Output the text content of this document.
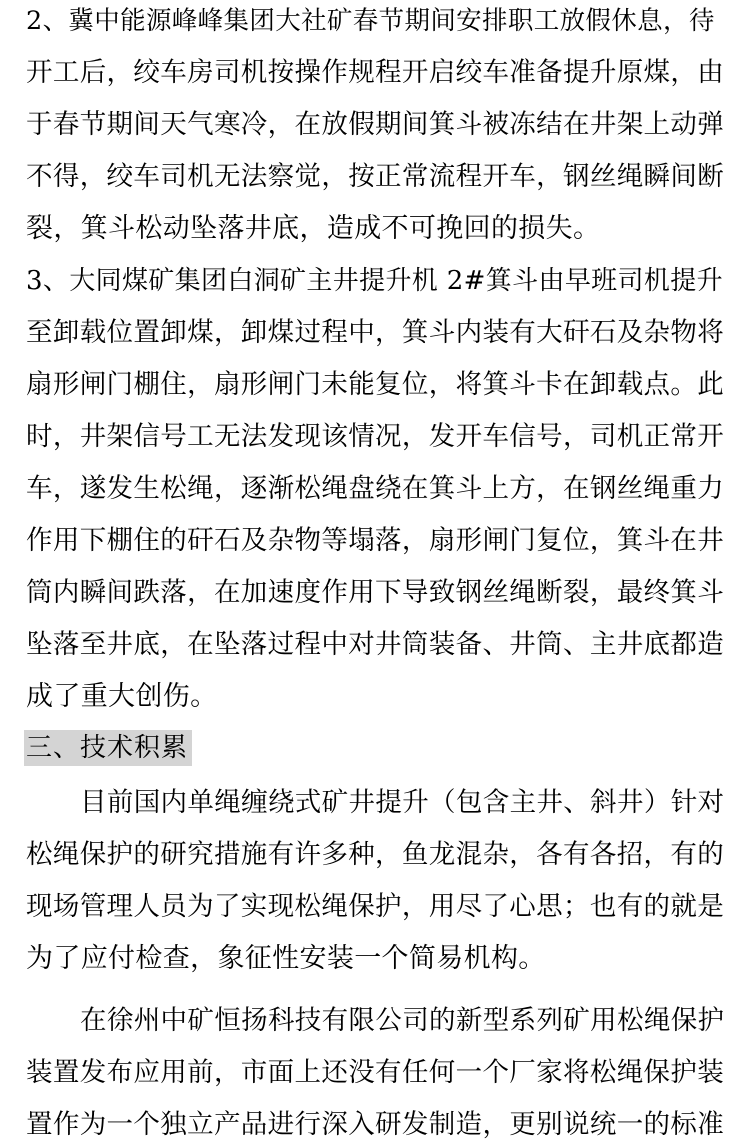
2、冀中能源峰峰集团大社矿春节期间安排职工放假休息，待
开工后，绞车房司机按操作规程开启绞车准备提升原煤，由
于春节期间天气寒冷，在放假期间箕斗被冻结在井架上动弹
不得，绞车司机无法察觉，按正常流程开车，钢丝绳瞬间断
裂，箕斗松动坠落井底，造成不可挽回的损失。
3、大同煤矿集团白洞矿主井提升机 2#箕斗由早班司机提升
至卸载位置卸煤，卸煤过程中，箕斗内装有大矸石及杂物将
扇形闸门棚住，扇形闸门未能复位，将箕斗卡在卸载点。此
时，井架信号工无法发现该情况，发开车信号，司机正常开
车，遂发生松绳，逐渐松绳盘绕在箕斗上方，在钢丝绳重力
作用下棚住的矸石及杂物等塌落，扇形闸门复位，箕斗在井
筒内瞬间跌落，在加速度作用下导致钢丝绳断裂，最终箕斗
坠落至井底，在坠落过程中对井筒装备、井筒、主井底都造
成了重大创伤。
三、技术积累
目前国内单绳缠绕式矿井提升（包含主井、斜井）针对
松绳保护的研究措施有许多种，鱼龙混杂，各有各招，有的
现场管理人员为了实现松绳保护，用尽了心思；也有的就是
为了应付检查，象征性安装一个简易机构。
在徐州中矿恒扬科技有限公司的新型系列矿用松绳保护
装置发布应用前，市面上还没有任何一个厂家将松绳保护装
置作为一个独立产品进行深入研发制造，更别说统一的标准
